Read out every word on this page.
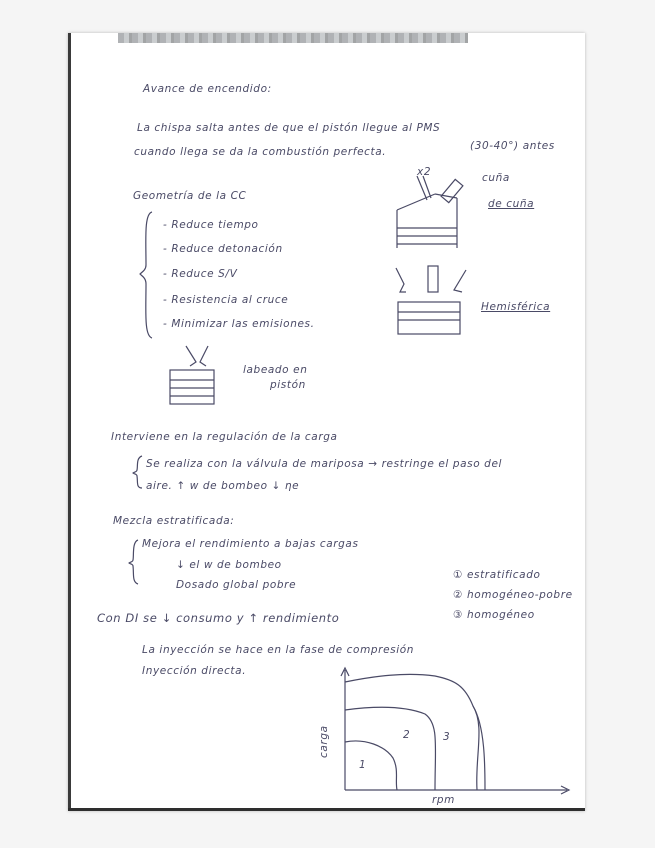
Avance de encendido:
La chispa salta antes de que el pistón llegue al PMS
cuando llega se da la combustión perfecta.	(30-40°) antes
Geometría de la CC
- Reduce tiempo
- Reduce detonación
- Reduce S/V
- Resistencia al cruce
- Minimizar las emisiones.
x2	cuña
de cuña
Hemisférica
labeado en
pistón
Interviene en la regulación de la carga
Se realiza con la válvula de mariposa → restringe el paso del
aire. ↑ w de bombeo ↓ ηe
Mezcla estratificada:
Mejora el rendimiento a bajas cargas
↓ el w de bombeo
Dosado global pobre
① estratificado
② homogéneo-pobre
③ homogéneo
Con DI se ↓ consumo y ↑ rendimiento
La inyección se hace en la fase de compresión
Inyección directa.
1
2	3
carga
rpm
